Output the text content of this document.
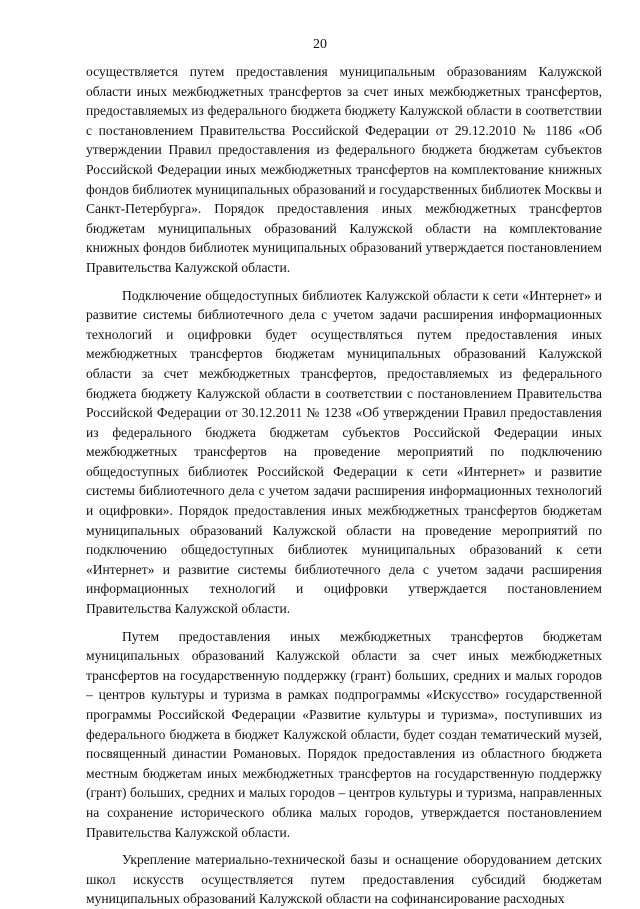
20

осуществляется путем предоставления муниципальным образованиям Калужской области иных межбюджетных трансфертов за счет иных межбюджетных трансфертов, предоставляемых из федерального бюджета бюджету Калужской области в соответствии с постановлением Правительства Российской Федерации от 29.12.2010 № 1186 «Об утверждении Правил предоставления из федерального бюджета бюджетам субъектов Российской Федерации иных межбюджетных трансфертов на комплектование книжных фондов библиотек муниципальных образований и государственных библиотек Москвы и Санкт-Петербурга». Порядок предоставления иных межбюджетных трансфертов бюджетам муниципальных образований Калужской области на комплектование книжных фондов библиотек муниципальных образований утверждается постановлением Правительства Калужской области.

Подключение общедоступных библиотек Калужской области к сети «Интернет» и развитие системы библиотечного дела с учетом задачи расширения информационных технологий и оцифровки будет осуществляться путем предоставления иных межбюджетных трансфертов бюджетам муниципальных образований Калужской области за счет межбюджетных трансфертов, предоставляемых из федерального бюджета бюджету Калужской области в соответствии с постановлением Правительства Российской Федерации от 30.12.2011 № 1238 «Об утверждении Правил предоставления из федерального бюджета бюджетам субъектов Российской Федерации иных межбюджетных трансфертов на проведение мероприятий по подключению общедоступных библиотек Российской Федерации к сети «Интернет» и развитие системы библиотечного дела с учетом задачи расширения информационных технологий и оцифровки». Порядок предоставления иных межбюджетных трансфертов бюджетам муниципальных образований Калужской области на проведение мероприятий по подключению общедоступных библиотек муниципальных образований к сети «Интернет» и развитие системы библиотечного дела с учетом задачи расширения информационных технологий и оцифровки утверждается постановлением Правительства Калужской области.

Путем предоставления иных межбюджетных трансфертов бюджетам муниципальных образований Калужской области за счет иных межбюджетных трансфертов на государственную поддержку (грант) больших, средних и малых городов – центров культуры и туризма в рамках подпрограммы «Искусство» государственной программы Российской Федерации «Развитие культуры и туризма», поступивших из федерального бюджета в бюджет Калужской области, будет создан тематический музей, посвященный династии Романовых. Порядок предоставления из областного бюджета местным бюджетам иных межбюджетных трансфертов на государственную поддержку (грант) больших, средних и малых городов – центров культуры и туризма, направленных на сохранение исторического облика малых городов, утверждается постановлением Правительства Калужской области.

Укрепление материально-технической базы и оснащение оборудованием детских школ искусств осуществляется путем предоставления субсидий бюджетам муниципальных образований Калужской области на софинансирование расходных
